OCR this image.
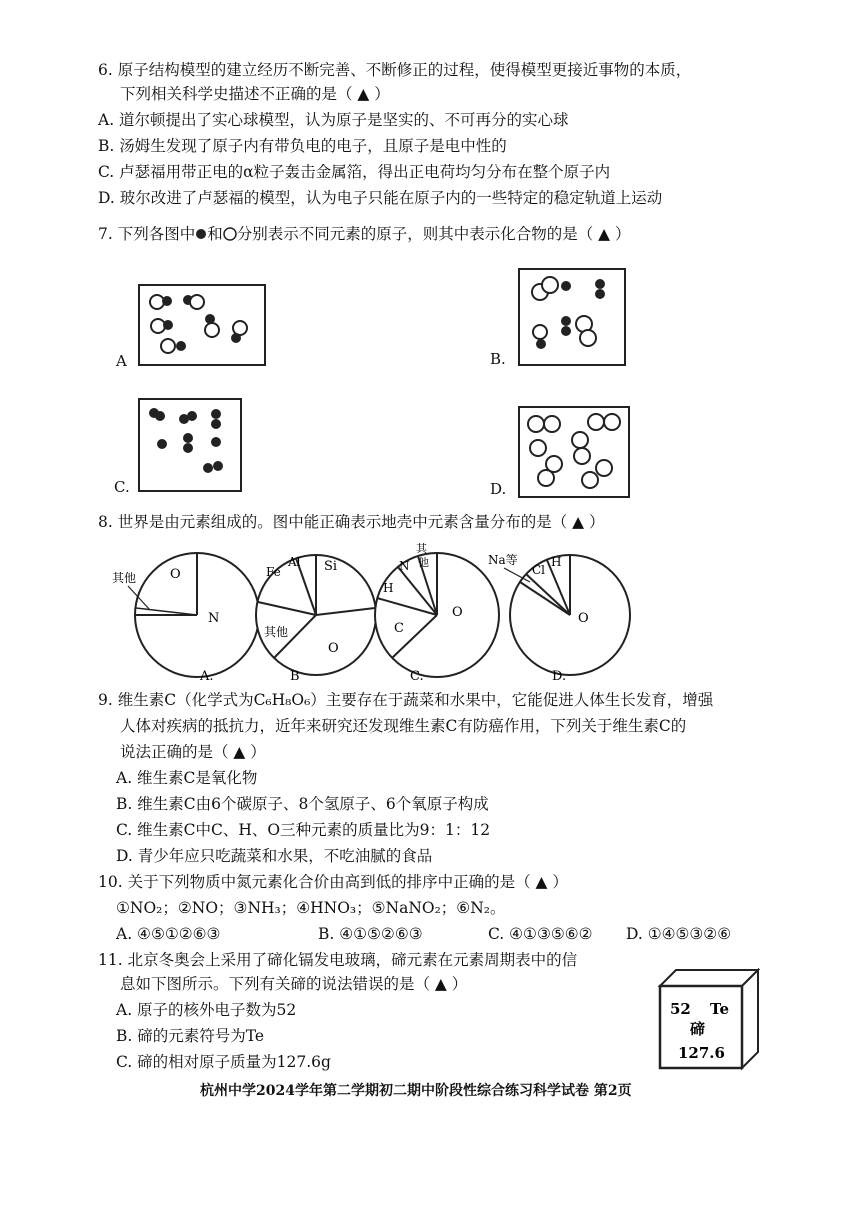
6. 原子结构模型的建立经历不断完善、不断修正的过程，使得模型更接近事物的本质，
下列相关科学史描述不正确的是（ ▲ ）
A. 道尔顿提出了实心球模型，认为原子是坚实的、不可再分的实心球
B. 汤姆生发现了原子内有带负电的电子，且原子是电中性的
C. 卢瑟福用带正电的α粒子轰击金属箔，得出正电荷均匀分布在整个原子内
D. 玻尔改进了卢瑟福的模型，认为电子只能在原子内的一些特定的稳定轨道上运动
7. 下列各图中 和 分别表示不同元素的原子，则其中表示化合物的是（ ▲ ）
A	B.
C.	D.
8. 世界是由元素组成的。图中能正确表示地壳中元素含量分布的是（ ▲ ）
O
N
其他
A.
Fe
Al Si
其他
O
B
H
N
其
他
C
O
C.
Na等
Cl
H
O
D.
9. 维生素C（化学式为C₆H₈O₆）主要存在于蔬菜和水果中，它能促进人体生长发育，增强
人体对疾病的抵抗力，近年来研究还发现维生素C有防癌作用，下列关于维生素C的
说法正确的是（ ▲ ）
A. 维生素C是氧化物
B. 维生素C由6个碳原子、8个氢原子、6个氧原子构成
C. 维生素C中C、H、O三种元素的质量比为9：1：12
D. 青少年应只吃蔬菜和水果，不吃油腻的食品
10. 关于下列物质中氮元素化合价由高到低的排序中正确的是（ ▲ ）
①NO₂；②NO；③NH₃；④HNO₃；⑤NaNO₂；⑥N₂。
A. ④⑤①②⑥③	B. ④①⑤②⑥③	C. ④①③⑤⑥② D. ①④⑤③②⑥
11. 北京冬奥会上采用了碲化镉发电玻璃，碲元素在元素周期表中的信
息如下图所示。下列有关碲的说法错误的是（ ▲ ）
A. 原子的核外电子数为52
B. 碲的元素符号为Te
C. 碲的相对原子质量为127.6g
52 Te
碲
127.6
杭州中学2024学年第二学期初二期中阶段性综合练习科学试卷 第2页
